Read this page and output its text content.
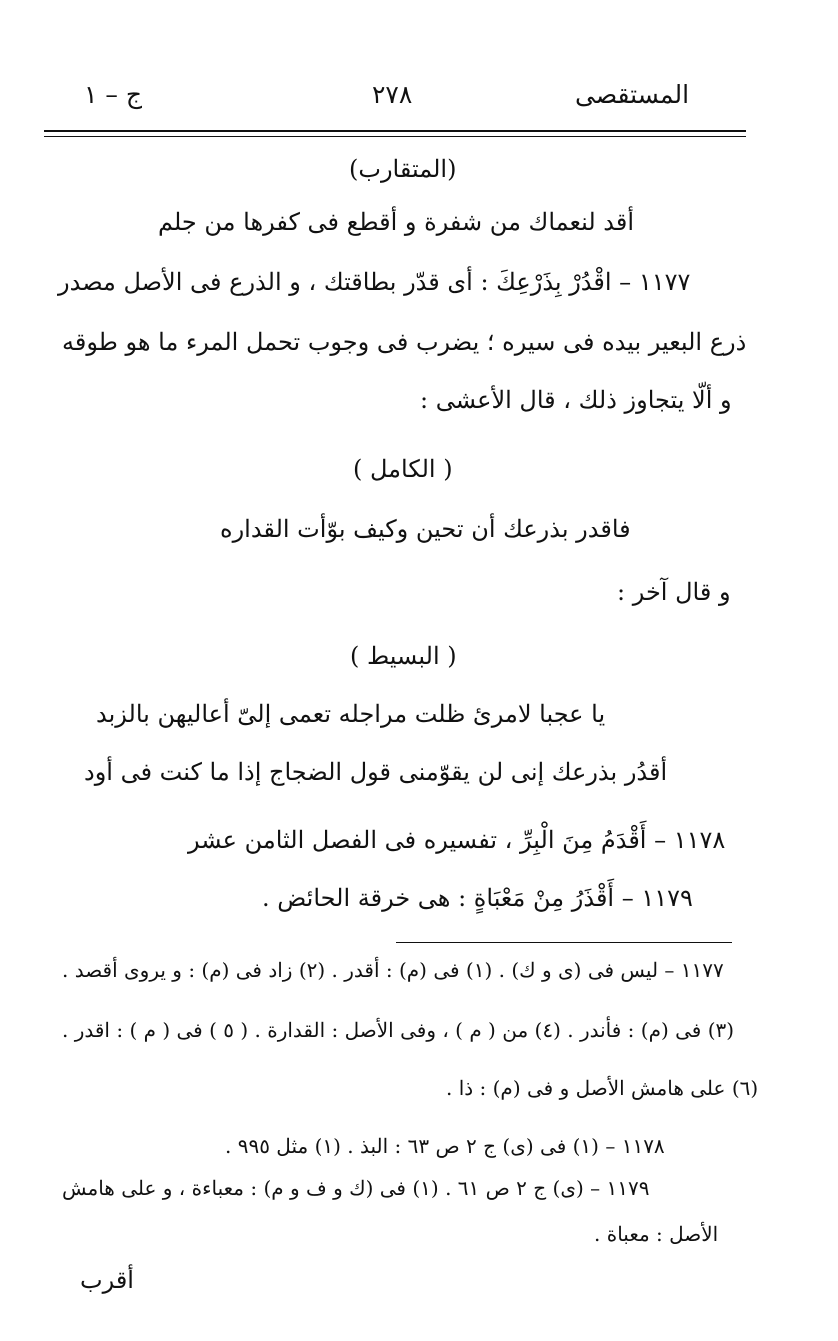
المستقصى
٢٧٨
ج – ١
(المتقارب)
أقد لنعماك من شفرة و أقطع فى كفرها من جلم
١١٧٧ – اقْدُرْ بِذَرْعِكَ : أى قدّر بطاقتك ، و الذرع فى الأصل مصدر
ذرع البعير بيده فى سيره ؛ يضرب فى وجوب تحمل المرء ما هو طوقه
و ألّا يتجاوز ذلك ، قال الأعشى :
( الكامل )
فاقدر بذرعك أن تحين وكيف بوّأت القداره
و قال آخر :
( البسيط )
يا عجبا لامرئ ظلت مراجله تعمى إلىّ أعاليهن بالزبد
أقدُر بذرعك إنى لن يقوّمنى قول الضجاج إذا ما كنت فى أود
١١٧٨ – أَقْدَمُ مِنَ الْبِرِّ ، تفسيره فى الفصل الثامن عشر
١١٧٩ – أَقْذَرُ مِنْ مَعْبَاةٍ : هى خرقة الحائض .
١١٧٧ – ليس فى (ى و ك) . (١) فى (م) : أقدر . (٢) زاد فى (م) : و يروى أقصد .
(٣) فى (م) : فأندر . (٤) من ( م ) ، وفى الأصل : القدارة . ( ٥ ) فى ( م ) : اقدر .
(٦) على هامش الأصل و فى (م) : ذا .
١١٧٨ – (١) فى (ى) ج ٢ ص ٦٣ : البذ . (١) مثل ٩٩٥ .
١١٧٩ – (ى) ج ٢ ص ٦١ . (١) فى (ك و ف و م) : معباءة ، و على هامش
الأصل : معباة .
أقرب
